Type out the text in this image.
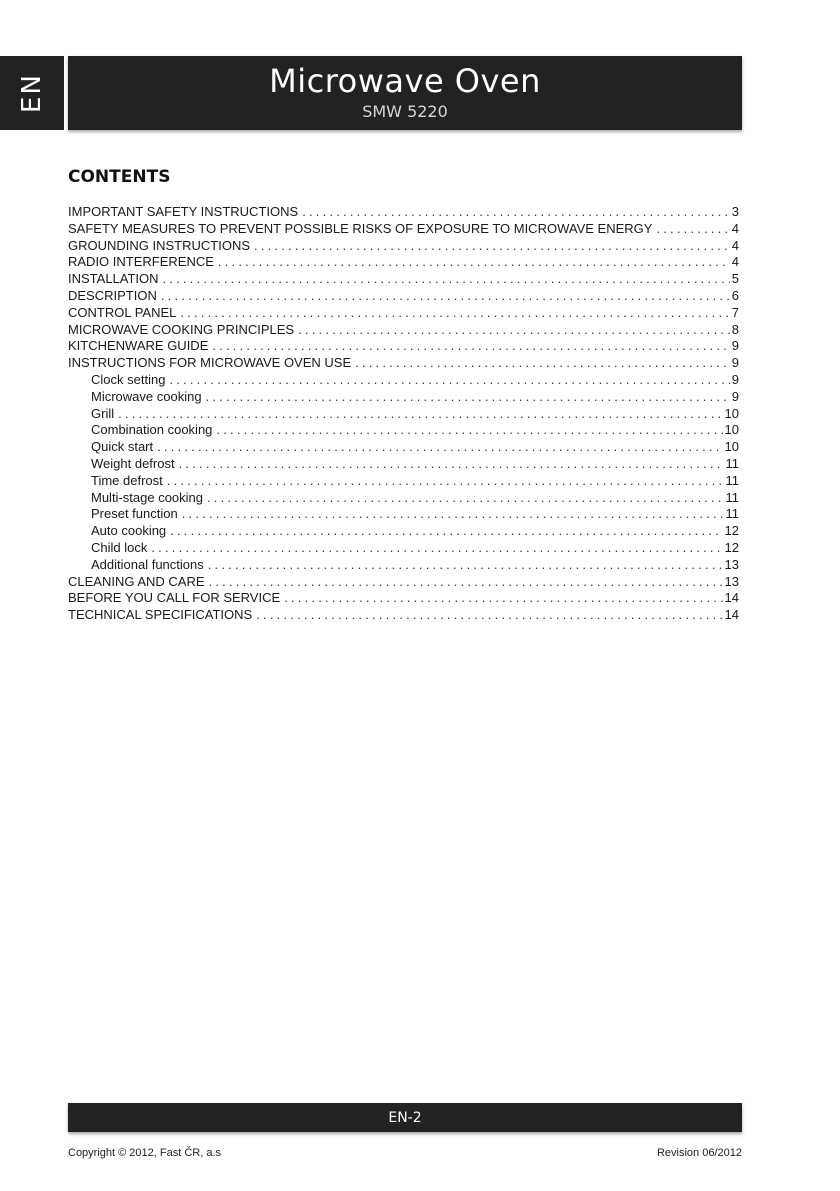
EN	Microwave Oven
SMW 5220
CONTENTS
IMPORTANT SAFETY INSTRUCTIONS .....	3
SAFETY MEASURES TO PREVENT POSSIBLE RISKS OF EXPOSURE TO MICROWAVE ENERGY .....	4
GROUNDING INSTRUCTIONS .....	4
RADIO INTERFERENCE .....	4
INSTALLATION .....	5
DESCRIPTION .....	6
CONTROL PANEL .....	7
MICROWAVE COOKING PRINCIPLES .....	8
KITCHENWARE GUIDE .....	9
INSTRUCTIONS FOR MICROWAVE OVEN USE .....	9
Clock setting .....	9
Microwave cooking .....	9
Grill .....	10
Combination cooking .....	10
Quick start .....	10
Weight defrost .....	11
Time defrost .....	11
Multi-stage cooking .....	11
Preset function .....	11
Auto cooking .....	12
Child lock .....	12
Additional functions .....	13
CLEANING AND CARE .....	13
BEFORE YOU CALL FOR SERVICE .....	14
TECHNICAL SPECIFICATIONS .....	14
EN-2
Copyright © 2012, Fast ČR, a.s	Revision 06/2012
